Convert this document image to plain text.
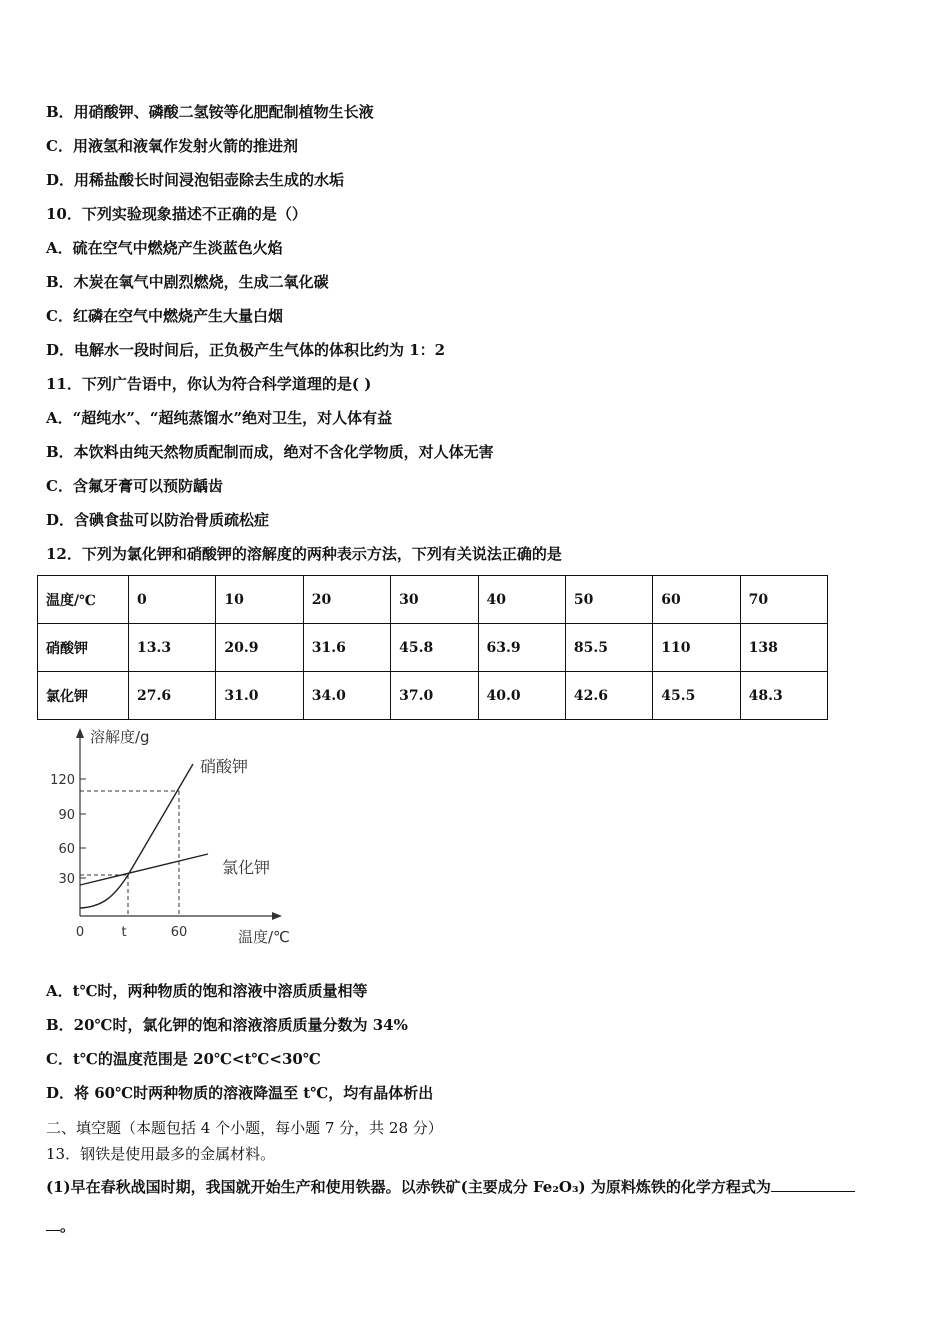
B．用硝酸钾、磷酸二氢铵等化肥配制植物生长液
C．用液氢和液氧作发射火箭的推进剂
D．用稀盐酸长时间浸泡铝壶除去生成的水垢
10．下列实验现象描述不正确的是（）
A．硫在空气中燃烧产生淡蓝色火焰
B．木炭在氧气中剧烈燃烧，生成二氧化碳
C．红磷在空气中燃烧产生大量白烟
D．电解水一段时间后，正负极产生气体的体积比约为 1：2
11．下列广告语中，你认为符合科学道理的是( )
A．“超纯水”、“超纯蒸馏水”绝对卫生，对人体有益
B．本饮料由纯天然物质配制而成，绝对不含化学物质，对人体无害
C．含氟牙膏可以预防龋齿
D．含碘食盐可以防治骨质疏松症
12．下列为氯化钾和硝酸钾的溶解度的两种表示方法，下列有关说法正确的是
温度/℃	0	10	20	30	40	50	60	70
硝酸钾	13.3	20.9	31.6	45.8	63.9	85.5	110	138
氯化钾	27.6	31.0	34.0	37.0	40.0	42.6	45.5	48.3
120
90
60
30
溶解度/g
温度/℃
0	t	60
硝酸钾
氯化钾
A．t℃时，两种物质的饱和溶液中溶质质量相等
B．20℃时，氯化钾的饱和溶液溶质质量分数为 34%
C．t℃的温度范围是 20℃<t℃<30℃
D．将 60℃时两种物质的溶液降温至 t℃，均有晶体析出
二、填空题（本题包括 4 个小题，每小题 7 分，共 28 分）
13．钢铁是使用最多的金属材料。
(1)早在春秋战国时期，我国就开始生产和使用铁器。以赤铁矿(主要成分 Fe₂O₃) 为原料炼铁的化学方程式为
。
